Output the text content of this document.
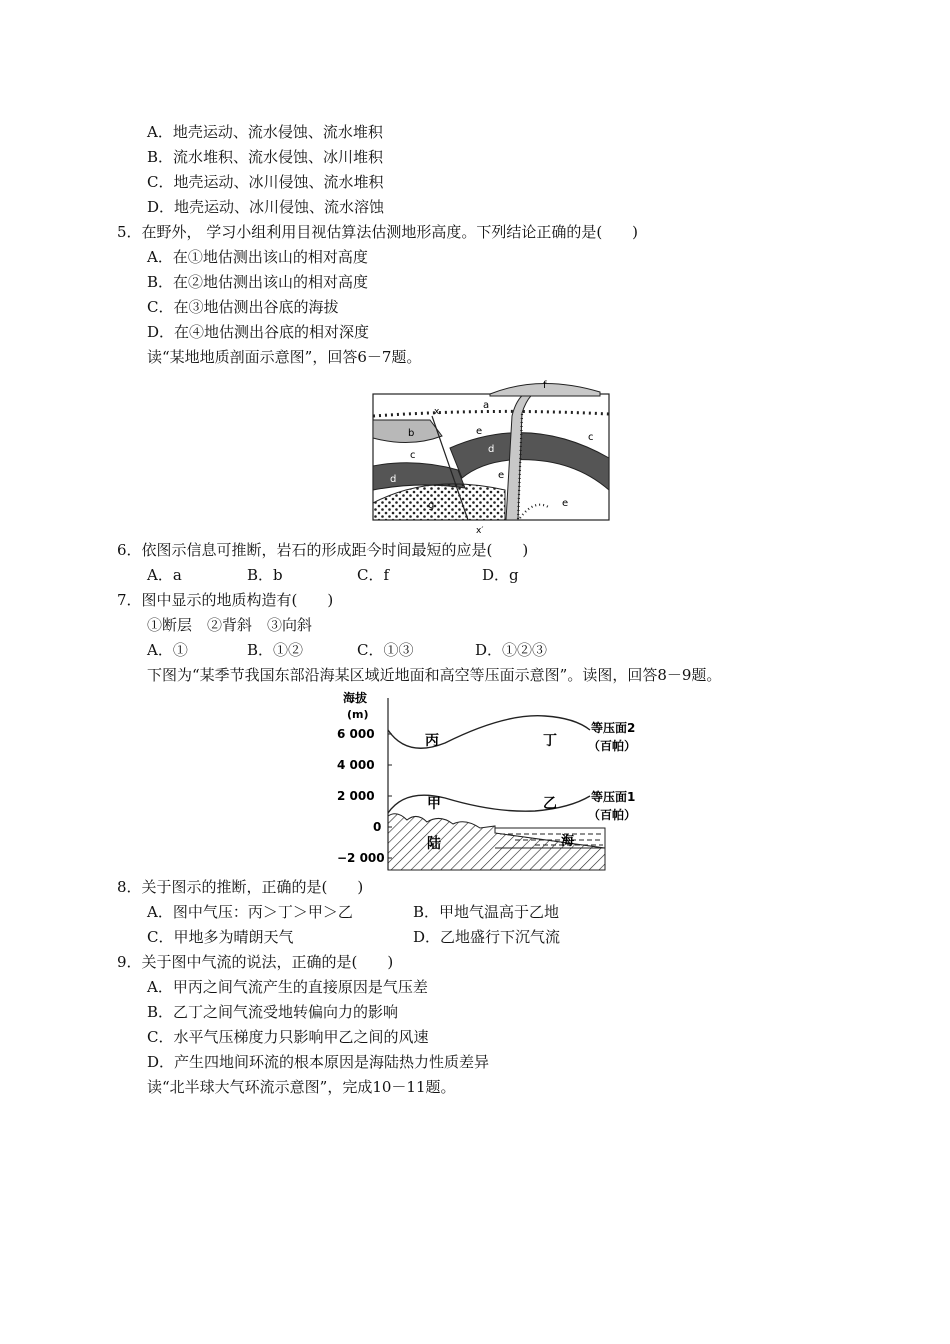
A．地壳运动、流水侵蚀、流水堆积
B．流水堆积、流水侵蚀、冰川堆积
C．地壳运动、冰川侵蚀、流水堆积
D．地壳运动、冰川侵蚀、流水溶蚀
5．在野外， 学习小组利用目视估算法估测地形高度。下列结论正确的是(　　)
A．在①地估测出该山的相对高度
B．在②地估测出该山的相对高度
C．在③地估测出谷底的海拔
D．在④地估测出谷底的相对深度
读“某地地质剖面示意图”，回答6－7题。
a
b
c
c
d
d
e
e
e
f
g
x
x′
6．依图示信息可推断，岩石的形成距今时间最短的应是(　　)
A．a	B．b	C．f	D．g
7．图中显示的地质构造有(　　)
①断层　②背斜　③向斜
A．①	B．①②	C．①③	D．①②③
下图为“某季节我国东部沿海某区域近地面和高空等压面示意图”。读图，回答8－9题。
海拔
(m)
6 000
4 000
2 000
0
−2 000
丙	丁
甲	乙
陆	海
等压面2
（百帕）
等压面1
（百帕）
8．关于图示的推断，正确的是(　　)
A．图中气压：丙＞丁＞甲＞乙	B．甲地气温高于乙地
C．甲地多为晴朗天气	D．乙地盛行下沉气流
9．关于图中气流的说法，正确的是(　　)
A．甲丙之间气流产生的直接原因是气压差
B．乙丁之间气流受地转偏向力的影响
C．水平气压梯度力只影响甲乙之间的风速
D．产生四地间环流的根本原因是海陆热力性质差异
读“北半球大气环流示意图”，完成10－11题。
